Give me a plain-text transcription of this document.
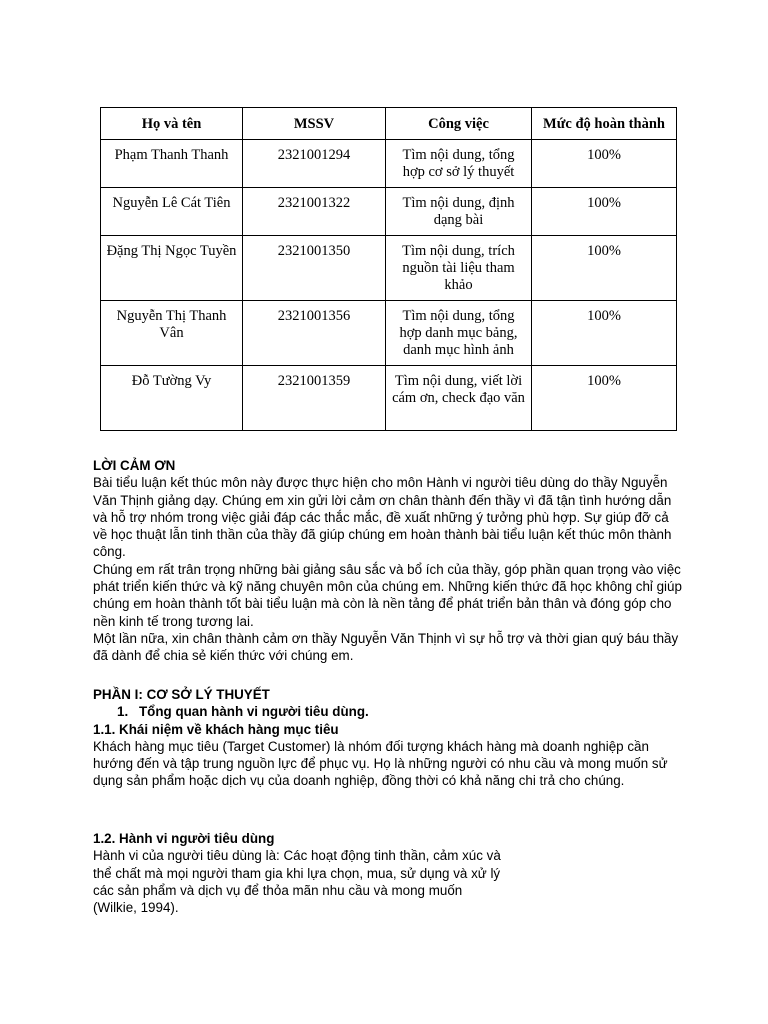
Họ và tên	MSSV	Công việc	Mức độ hoàn thành
Phạm Thanh Thanh	2321001294	Tìm nội dung, tổng hợp cơ sở lý thuyết	100%
Nguyễn Lê Cát Tiên	2321001322	Tìm nội dung, định dạng bài	100%
Đặng Thị Ngọc Tuyền	2321001350	Tìm nội dung, trích nguồn tài liệu tham khảo	100%
Nguyễn Thị Thanh Vân	2321001356	Tìm nội dung, tổng hợp danh mục bảng, danh mục hình ảnh	100%
Đỗ Tường Vy	2321001359	Tìm nội dung, viết lời cám ơn, check đạo văn	100%

LỜI CẢM ƠN

Bài tiểu luận kết thúc môn này được thực hiện cho môn Hành vi người tiêu dùng do thầy Nguyễn Văn Thịnh giảng dạy. Chúng em xin gửi lời cảm ơn chân thành đến thầy vì đã tận tình hướng dẫn và hỗ trợ nhóm trong việc giải đáp các thắc mắc, đề xuất những ý tưởng phù hợp. Sự giúp đỡ cả về học thuật lẫn tinh thần của thầy đã giúp chúng em hoàn thành bài tiểu luận kết thúc môn thành công.

Chúng em rất trân trọng những bài giảng sâu sắc và bổ ích của thầy, góp phần quan trọng vào việc phát triển kiến thức và kỹ năng chuyên môn của chúng em. Những kiến thức đã học không chỉ giúp chúng em hoàn thành tốt bài tiểu luận mà còn là nền tảng để phát triển bản thân và đóng góp cho nền kinh tế trong tương lai.

Một lần nữa, xin chân thành cảm ơn thầy Nguyễn Văn Thịnh vì sự hỗ trợ và thời gian quý báu thầy đã dành để chia sẻ kiến thức với chúng em.

PHẦN I: CƠ SỞ LÝ THUYẾT

1. Tổng quan hành vi người tiêu dùng.

1.1. Khái niệm về khách hàng mục tiêu

Khách hàng mục tiêu (Target Customer) là nhóm đối tượng khách hàng mà doanh nghiệp cần hướng đến và tập trung nguồn lực để phục vụ. Họ là những người có nhu cầu và mong muốn sử dụng sản phẩm hoặc dịch vụ của doanh nghiệp, đồng thời có khả năng chi trả cho chúng.

1.2. Hành vi người tiêu dùng

Hành vi của người tiêu dùng là: Các hoạt động tinh thần, cảm xúc và thể chất mà mọi người tham gia khi lựa chọn, mua, sử dụng và xử lý các sản phẩm và dịch vụ để thỏa mãn nhu cầu và mong muốn (Wilkie, 1994).
